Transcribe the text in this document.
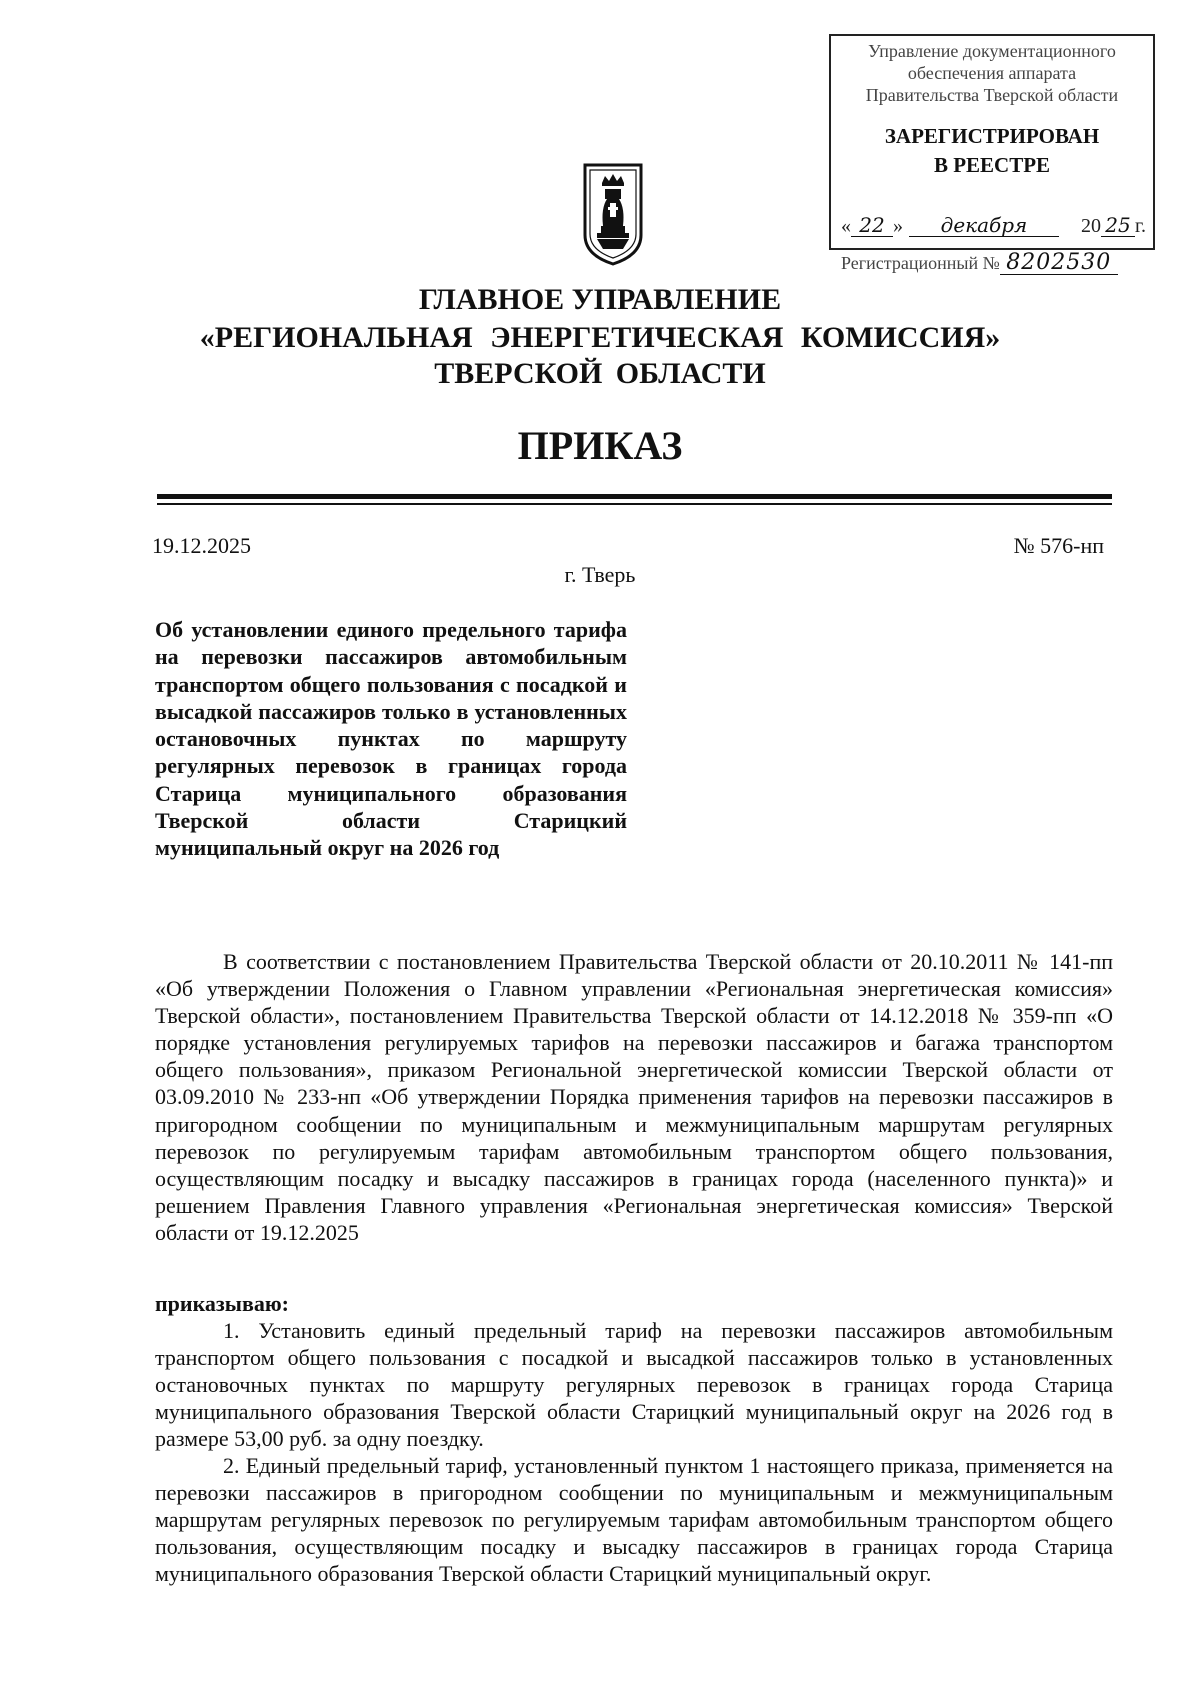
Управление документационного
обеспечения аппарата
Правительства Тверской области
ЗАРЕГИСТРИРОВАН
В РЕЕСТРЕ
« 22 » декабря	20 25 г.
Регистрационный № 8202530
ГЛАВНОЕ УПРАВЛЕНИЕ
«РЕГИОНАЛЬНАЯ ЭНЕРГЕТИЧЕСКАЯ КОМИССИЯ»
ТВЕРСКОЙ ОБЛАСТИ
ПРИКАЗ
19.12.2025	№ 576-нп
г. Тверь
Об установлении единого предельного тарифа на перевозки пассажиров автомобильным транспортом общего пользования с посадкой и высадкой пассажиров только в установленных остановочных пунктах по маршруту регулярных перевозок в границах города Старица муниципального образования Тверской области Старицкий
муниципальный округ на 2026 год
В соответствии с постановлением Правительства Тверской области от 20.10.2011 № 141-пп «Об утверждении Положения о Главном управлении «Региональная энергетическая комиссия» Тверской области», постановлением Правительства Тверской области от 14.12.2018 № 359-пп «О порядке установления регулируемых тарифов на перевозки пассажиров и багажа транспортом общего пользования», приказом Региональной энергетической комиссии Тверской области от 03.09.2010 № 233-нп «Об утверждении Порядка применения тарифов на перевозки пассажиров в пригородном сообщении по муниципальным и межмуниципальным маршрутам регулярных перевозок по регулируемым тарифам автомобильным транспортом общего пользования, осуществляющим посадку и высадку пассажиров в границах города (населенного пункта)» и решением Правления Главного управления «Региональная энергетическая комиссия» Тверской области от 19.12.2025
приказываю:
1. Установить единый предельный тариф на перевозки пассажиров автомобильным транспортом общего пользования с посадкой и высадкой пассажиров только в установленных остановочных пунктах по маршруту регулярных перевозок в границах города Старица муниципального образования Тверской области Старицкий муниципальный округ на 2026 год в размере 53,00 руб. за одну поездку.
2. Единый предельный тариф, установленный пунктом 1 настоящего приказа, применяется на перевозки пассажиров в пригородном сообщении по муниципальным и межмуниципальным маршрутам регулярных перевозок по регулируемым тарифам автомобильным транспортом общего пользования, осуществляющим посадку и высадку пассажиров в границах города Старица муниципального образования Тверской области Старицкий муниципальный округ.
